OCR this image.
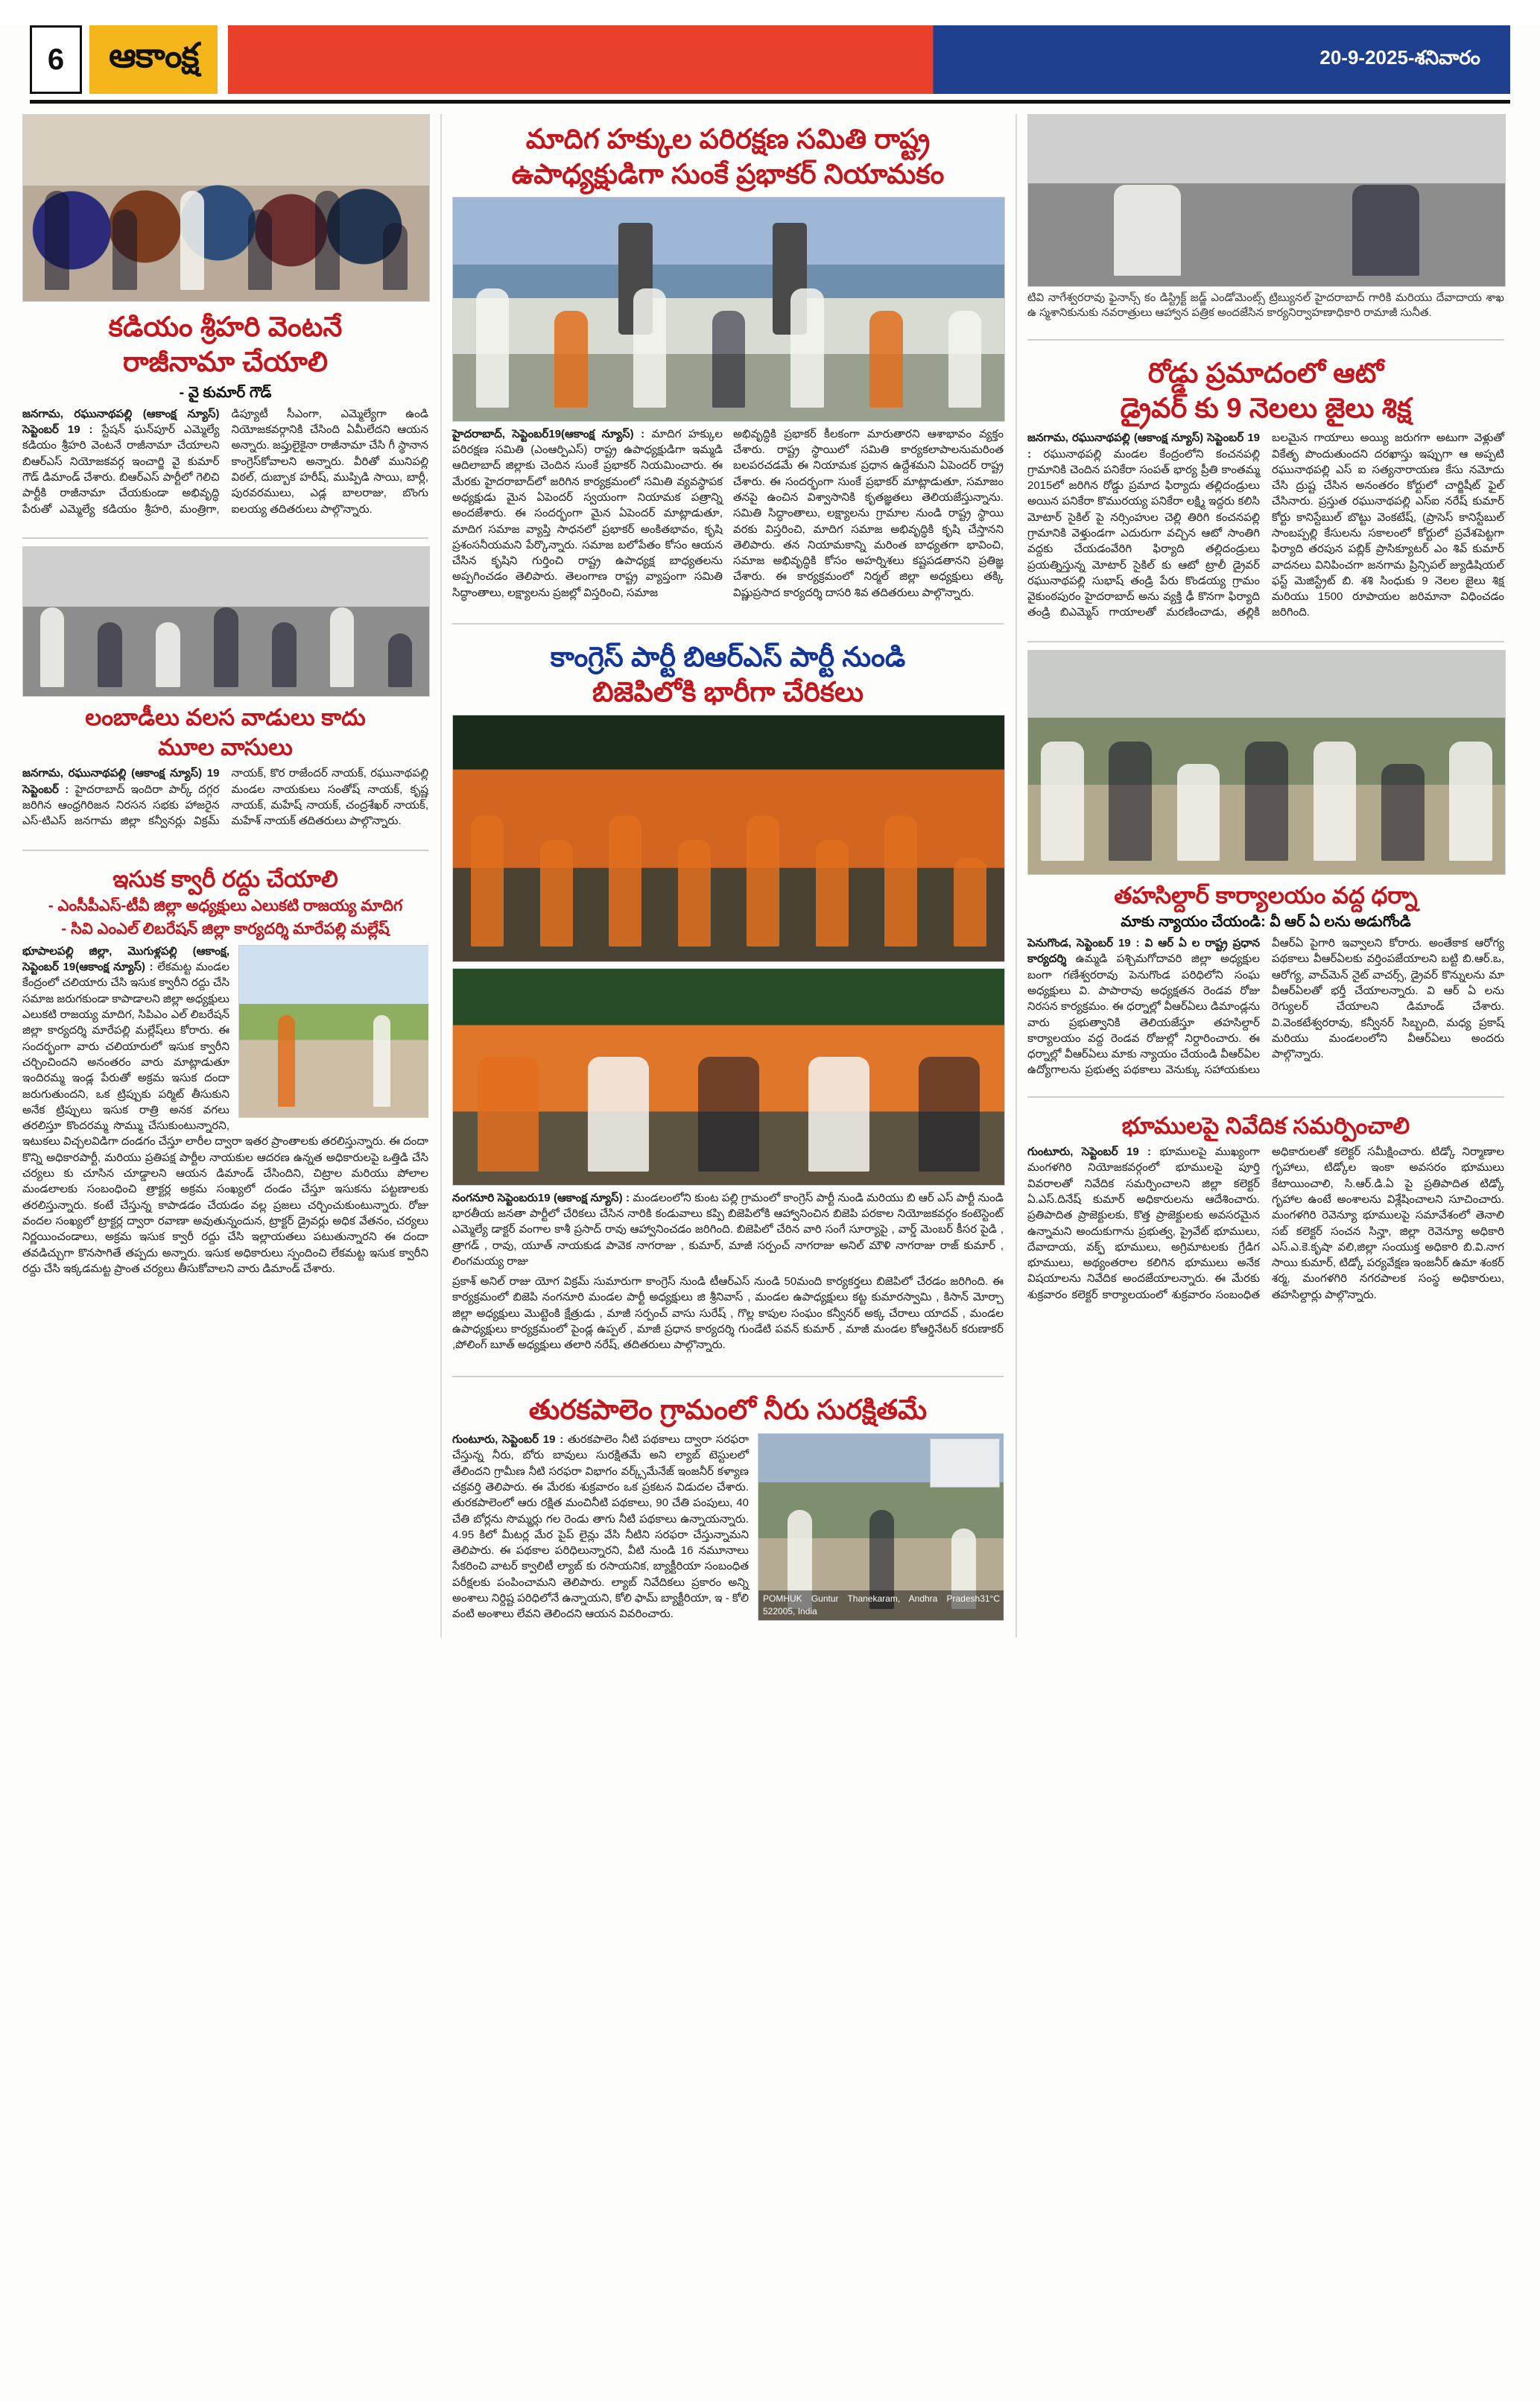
6	ఆకాంక్ష	20-9-2025-శనివారం
కడియం శ్రీహరి వెంటనే
రాజీనామా చేయాలి
- వై కుమార్ గౌడ్

జనగామ, రఘునాథపల్లి (ఆకాంక్ష న్యూస్) సెప్టెంబర్ 19 : స్టేషన్ ఘన్‌పూర్ ఎమ్మెల్యే కడియం శ్రీహరి వెంటనే రాజీనామా చేయాలని బిఆర్ఎస్ నియోజకవర్గ ఇంచార్జి వై కుమార్ గౌడ్ డిమాండ్ చేశారు. బిఆర్ఎస్ పార్టీలో గెలిచి పార్టీకి రాజీనామా చేయకుండా అభివృద్ధి పేరుతో ఎమ్మెల్యే కడియం శ్రీహరి, మంత్రిగా, డిప్యూటీ సీఎంగా, ఎమ్మెల్యేగా ఉండి నియోజకవర్గానికి చేసింది ఏమీలేదని ఆయన అన్నారు. జప్తులైకైనా రాజీనామా చేసి గీ స్థానాన కాంగ్రెస్‌కోవాలని అన్నారు. వీరితో మునిపల్లి విఠల్, దుబ్బాక హరీష్, ముప్పిడి సాయి, బార్లీ, పురవరములు, ఎడ్ల బాలరాజు, బొంగు ఐలయ్య తదితరులు పాల్గొన్నారు.

లంబాడీలు వలస వాడులు కాదు
మూల వాసులు

జనగామ, రఘునాథపల్లి (ఆకాంక్ష న్యూస్) 19 సెప్టెంబర్ : హైదరాబాద్ ఇందిరా పార్క్ దగ్గర జరిగిన ఆంధ్రగిరిజన నిరసన సభకు హాజరైన ఎస్-టిఎస్ జనగామ జిల్లా కన్వీనర్లు విక్రమ్ నాయక్, కొర రాజేందర్ నాయక్, రఘునాథపల్లి మండల నాయకులు సంతోష్ నాయక్, కృష్ణ నాయక్, మహేష్ నాయక్, చంద్రశేఖర్ నాయక్, మహేశ్ నాయక్ తదితరులు పాల్గొన్నారు.

ఇసుక క్వారీ రద్దు చేయాలి
- ఎంసీపీఎస్-టీవీ జిల్లా అధ్యక్షులు ఎలుకటి రాజయ్య మాదిగ
- సివి ఎంఎల్ లిబరేషన్ జిల్లా కార్యదర్శి మారేపల్లి మల్లేష్

భూపాలపల్లి జిల్లా, మొగుళ్లపల్లి (ఆకాంక్ష, సెప్టెంబర్ 19(ఆకాంక్ష న్యూస్) : లేకమట్ట మండల కేంద్రంలో చలియారు చేసి ఇసుక క్వారీని రద్దు చేసి సమాజ జరుగకుండా కాపాడాలని జిల్లా అధ్యక్షులు ఎలుకటి రాజయ్య మాదిగ, సిపిఎం ఎల్ లిబరేషన్ జిల్లా కార్యదర్శి మారేపల్లి మల్లేష్‌లు కోరారు. ఈ సందర్భంగా వారు చలియారులో ఇసుక క్వారీని చర్చించిందని అనంతరం వారు మాట్లాడుతూ ఇందిరమ్మ ఇండ్ల పేరుతో అక్రమ ఇసుక దందా జరుగుతుందని, ఒక ట్రిప్పుకు పర్మిట్ తీసుకుని అనేక ట్రిప్పులు ఇసుక రాత్రి అనక వగలు తరలిస్తూ కొందరమ్మ సొమ్ము చేసుకుంటున్నారని, ఇటుకలు విచ్చలవిడిగా దండగం చేస్తూ లారీల ద్వారా ఇతర ప్రాంతాలకు తరలిస్తున్నారు. ఈ దందా కొన్ని అధికారపార్టీ, మరియు ప్రతిపక్ష పార్టీల నాయకుల ఆదరణ ఉన్నత అధికారులపై ఒత్తిడి చేసి చర్యలు కు చూసిన చూడ్డాలని ఆయన డిమాండ్ చేసిందిని, చిట్రాల మరియు పోలాల మండలాలకు సంబంధించి త్రాక్టర్ల అక్రమ సంఖ్యలో దండం చేస్తూ ఇసుకను పట్టణాలకు తరలిస్తున్నారు. కంటే చేస్తున్న కాపాడడం చేయడం వల్ల ప్రజలు చర్చించుకుంటున్నారు. రోజు వందల సంఖ్యలో ట్రాక్టర్ల ద్వారా రవాణా అవుతున్నందున, ట్రాక్టర్ డ్రైవర్లు అధిక వేతనం, చర్యలు నిర్ణయించండాలు, అక్రమ ఇసుక క్వారీ రద్దు చేసి ఇల్లాయతలు పటుతున్నారని ఈ దందా తవడిచ్చుగా కొనసాగితే తప్పదు అన్నారు. ఇసుక అధికారులు స్పందించి లేకమట్ట ఇసుక క్వారీని రద్దు చేసి ఇక్కడమట్ట ప్రాంత చర్యలు తీసుకోవాలని వారు డిమాండ్ చేశారు.

మాదిగ హక్కుల పరిరక్షణ సమితి రాష్ట్ర
ఉపాధ్యక్షుడిగా సుంకే ప్రభాకర్ నియామకం

హైదరాబాద్, సెప్టెంబర్19(ఆకాంక్ష న్యూస్) : మాదిగ హక్కుల పరిరక్షణ సమితి (ఎంఆర్పిఎస్) రాష్ట్ర ఉపాధ్యక్షుడిగా ఇమ్మడి ఆదిలాబాద్ జిల్లాకు చెందిన సుంకే ప్రభాకర్ నియమించారు. ఈ మేరకు హైదరాబాద్‌లో జరిగిన కార్యక్రమంలో సమితి వ్యవస్థాపక అధ్యక్షుడు మైన ఏపెందర్ స్వయంగా నియామక పత్రాన్ని అందజేశారు. ఈ సందర్భంగా మైన ఏపెందర్ మాట్లాడుతూ, మాదిగ సమాజ వ్యాప్తి సాధనలో ప్రభాకర్ అంకితభావం, కృషి ప్రశంసనీయమని పేర్కొన్నారు. సమాజ బలోపేతం కోసం ఆయన చేసిన కృషిని గుర్తించి రాష్ట్ర ఉపాధ్యక్ష బాధ్యతలను అప్పగించడం తెలిపారు. తెలంగాణ రాష్ట్ర వ్యాప్తంగా సమితి సిద్ధాంతాలు, లక్ష్యాలను ప్రజల్లో విస్తరించి, సమాజ

అభివృద్ధికి ప్రభాకర్ కీలకంగా మారుతారని ఆశాభావం వ్యక్తం చేశారు. రాష్ట్ర స్థాయిలో సమితి కార్యకలాపాలనుమరింత బలపరచడమే ఈ నియామక ప్రధాన ఉద్దేశమని ఏపెందర్ రాష్ట్ర చేశారు. ఈ సందర్భంగా సుంకే ప్రభాకర్ మాట్లాడుతూ, సమాజం తనపై ఉంచిన విశ్వాసానికి కృతజ్ఞతలు తెలియజేస్తున్నాను. సమితి సిద్ధాంతాలు, లక్ష్యాలను గ్రామాల నుండి రాష్ట్ర స్థాయి వరకు విస్తరించి, మాదిగ సమాజ అభివృద్ధికి కృషి చేస్తానని తెలిపారు. తన నియామకాన్ని మరింత బాధ్యతగా భావించి, సమాజ అభివృద్ధికి కోసం అహర్నిశలు కష్టపడతానని ప్రతిజ్ఞ చేశారు. ఈ కార్యక్రమంలో నిర్మల్ జిల్లా అధ్యక్షులు తక్కి విష్ణుప్రసాద కార్యదర్శి దాసరి శివ తదితరులు పాల్గొన్నారు.

కాంగ్రెస్ పార్టీ బిఆర్ఎస్ పార్టీ నుండి
బిజెపిలోకి భారీగా చేరికలు

నంగనూరి సెప్టెంబరు19 (ఆకాంక్ష న్యూస్) : మండలంలోని కుంట పల్లి గ్రామంలో కాంగ్రెస్ పార్టీ నుండి మరియు బి ఆర్ ఎస్ పార్టీ నుండి భారతీయ జనతా పార్టీలో చేరికలు చేసిన నారికి కండువాలు కప్పి బిజెపిలోకి ఆహ్వానించిన బిజెపి పరకాల నియోజకవర్గం కంటెస్టెంట్ ఎమ్మెల్యే డాక్టర్ వంగాల కాశీ ప్రసాద్ రావు ఆహ్వానించడం జరిగింది. బిజెపిలో చేరిన వారి సంగే సూర్యాపై , వార్డ్ మెంబర్ కీసర పైడి , త్రాగడ్ , రావు, యూత్ నాయకుడ పావెక నాగరాజు , కుమార్, మాజీ సర్పంచ్ నాగరాజు అనిల్ మౌళి నాగరాజు రాజ్ కుమార్ , లింగమయ్య రాజు

ప్రకాశ్ అనిల్ రాజు యోగ విక్రమ్ సుమారుగా కాంగ్రెస్ నుండి టీఆర్ఎస్ నుండి 50మంది కార్యకర్తలు బిజెపిలో చేరడం జరిగింది. ఈ కార్యక్రమంలో బిజెపి నంగనూరి మండల పార్టీ అధ్యక్షులు జి శ్రీనివాస్ , మండల ఉపాధ్యక్షులు కట్ట కుమారస్వామి , కిసాన్ మోర్చా జిల్లా అధ్యక్షులు మొట్టెంకి క్షేత్రుడు , మాజీ సర్పంచ్ వాసు సురేష్ , గొల్ల కాపుల సంఘం కన్వీనర్ అక్క చేరాలు యాదవ్ , మండల ఉపాధ్యక్షులు కార్యక్రమంలో పైండ్ల ఉప్పల్ , మాజీ ప్రధాన కార్యదర్శి గుండేటి పవన్ కుమార్ , మాజీ మండల కోఆర్డినేటర్ కరుణాకర్ ,పోలింగ్ బూత్ అధ్యక్షులు తలారి నరేష్, తదితరులు పాల్గొన్నారు.

తురకపాలెం గ్రామంలో నీరు సురక్షితమే
POMHUK Guntur Thanekaram, Andhra Pradesh 522005, India
31°C

గుంటూరు, సెప్టెంబర్ 19 : తురకపాలెం నీటి పథకాలు ద్వారా సరఫరా చేస్తున్న నీరు, బోరు బావులు సురక్షితమే అని ల్యాబ్ టెస్టులలో తేలిందని గ్రామీణ నీటి సరఫరా విభాగం వర్క్స్‌మేనేజ్ ఇంజనీర్ కళ్యాణ చక్రవర్తి తెలిపారు. ఈ మేరకు శుక్రవారం ఒక ప్రకటన విడుదల చేశారు. తురకపాలెంలో ఆరు రక్షిత మంచినీటి పథకాలు, 90 చేతి పంపులు, 40 చేతి బోర్లను సొమ్మర్లు గల రెండు తాగు నీటి పథకాలు ఉన్నాయన్నారు. 4.95 కిలో మీటర్ల మేర పైప్ లైన్లు వేసి నీటిని సరఫరా చేస్తున్నామని తెలిపారు. ఈ పథకాల పరిధిలున్నారని, వీటి నుండి 16 నమూనాలు సేకరించి వాటర్ క్వాలిటీ ల్యాబ్ కు రసాయనిక, బ్యాక్టీరియా సంబంధిత పరీక్షలకు పంపించామని తెలిపారు. ల్యాబ్ నివేదికలు ప్రకారం అన్ని అంశాలు నిర్దిష్ట పరిధిలోనే ఉన్నాయని, కోలి ఫామ్ బ్యాక్టీరియా, ఇ - కోలి వంటి అంశాలు లేవని తెలిందని ఆయన వివరించారు.

టివి నాగేశ్వరరావు ఫైనాన్స్ కం డిస్ట్రిక్ట్ జడ్జ్ ఎండోమెంట్స్ ట్రిబ్యునల్ హైదరాబాద్ గారికి మరియు దేవాదాయ శాఖ ఉ స్మశానికునుకు నవరాత్రులు ఆహ్వాన పత్రిక అందజేసిన కార్యనిర్వాహణాధికారి రామాజీ సునీత.
రోడ్డు ప్రమాదంలో ఆటో
డ్రైవర్ కు 9 నెలలు జైలు శిక్ష

జనగామ, రఘునాథపల్లి (ఆకాంక్ష న్యూస్) సెప్టెంబర్ 19 : రఘునాథపల్లి మండల కేంద్రంలోని కంచనపల్లి గ్రామానికి చెందిన పనికేరా సంపత్ భార్య ప్రీతి కాంతమ్మ 2015లో జరిగిన రోడ్డు ప్రమాద ఫిర్యాదు తల్లిదండ్రులు అయిన పనికేరా కొమురయ్య పనికేరా లక్ష్మి ఇద్దరు కలిసి మోటార్ సైకిల్ పై నర్సింహుల చెల్లి తిరిగి కంచనపల్లి గ్రామానికి వెళ్తుండగా ఎదురుగా వచ్చిన ఆటో సాంతిగి వద్దకు చేయడంవేరిగి ఫిర్యాది తల్లిదండ్రులు ప్రయత్నిస్తున్న మోటార్ సైకిల్ కు ఆటో ట్రాలీ డ్రైవర్ రఘునాథపల్లి సుభాష్ తండ్రి పేరు కొండయ్య గ్రామం వైకుంఠపురం హైదరాబాద్ అను వ్యక్తి ఢీ కొనగా ఫిర్యాది తండ్రి బిఎమ్మెస్ గాయాలతో మరణించాడు, తల్లికి బలమైన గాయాలు అయ్యి జరుగగా అటుగా వెళ్లుతో వికేతృ పొందుతుందని దరఖాస్తు ఇప్పుగా ఆ అప్పటి రఘునాథపల్లి ఎస్ ఐ సత్యనారాయణ కేసు నమోదు చేసి ద్రుష్ట చేసిన అనంతరం కోర్టులో చార్జిషీట్ ఫైల్ చేసినారు. ప్రస్తుత రఘునాథపల్లి ఎస్ఐ నరేష్ కుమార్ కోర్టు కానిస్టేబుల్ బొట్టు వెంకటేష్, (ప్రాసెస్ కానిస్టేబుల్ సాంబప్పల్లి కేసులను సకాలంలో కోర్టులో ప్రవేశపెట్టగా ఫిర్యాది తరపున పబ్లిక్ ప్రాసిక్యూటర్ ఎం శివ్ కుమార్ వాదనలు వినిపించగా జనగామ ప్రిన్సిపల్ జ్యుడిషియల్ ఫస్ట్ మెజిస్ట్రేట్ బి. శశి సింధుకు 9 నెలల జైలు శిక్ష మరియు 1500 రూపాయల జరిమానా విధించడం జరిగింది.

తహసిల్దార్ కార్యాలయం వద్ద ధర్నా
మాకు న్యాయం చేయండి: వీ ఆర్ ఏ లను అడుగోండి

పెనుగొండ, సెప్టెంబర్ 19 : వి ఆర్ ఏ ల రాష్ట్ర ప్రధాన కార్యదర్శి ఉమ్మడి పశ్చిమగోదావరి జిల్లా అధ్యక్షుల బంగా గణేశ్వరరావు పెనుగొండ పరిధిలోని సంఘ అధ్యక్షులు వి. పాపారావు అధ్యక్షతన రెండవ రోజు నిరసన కార్యక్రమం. ఈ ధర్నాల్లో వీఆర్ఏలు డిమాండ్లను వారు ప్రభుత్వానికి తెలియజేస్తూ తహసిల్దార్ కార్యాలయం వద్ద రెండవ రోజుల్లో నిర్దారించారు. ఈ ధర్నాల్లో వీఆర్ఏలు మాకు న్యాయం చేయండి వీఆర్ఏల ఉద్యోగాలను ప్రభుత్వ పథకాలు వెనుక్కు సహాయకులు వీఆర్ఏ పైగారి ఇవ్వాలని కోరారు. అంతేకాక ఆరోగ్య పథకాలు వీఆర్ఏలకు వర్తింపజేయాలని బట్టి బి.ఆర్.ఒ, ఆరోగ్య, వాచ్‌మెన్ నైట్ వాచర్స్, డ్రైవర్ కొన్నులను మా వీఆర్ఏలతో భర్తీ చేయాలన్నారు. వి ఆర్ ఏ లను రెగ్యులర్ చేయాలని డిమాండ్ చేశారు. వి.వెంకటేశ్వరరావు, కన్వీనర్ సిబ్బంది, మధ్య ప్రకాష్ మరియు మండలంలోని వీఆర్ఏలు అందరు పాల్గొన్నారు.

భూములపై నివేదిక సమర్పించాలి

గుంటూరు, సెప్టెంబర్ 19 : భూములపై ముఖ్యంగా మంగళగిరి నియోజకవర్గంలో భూములపై పూర్తి వివరాలతో నివేదిక సమర్పించాలని జిల్లా కలెక్టర్ ఏ.ఎస్.దినేష్ కుమార్ అధికారులను ఆదేశించారు. ప్రతిపాదిత ప్రాజెక్టులకు, కొత్త ప్రాజెక్టులకు అవసరమైన ఉన్నామని అందుకుగాను ప్రభుత్వ, ప్రైవేట్ భూములు, దేవాదాయ, వక్ఫ్ భూములు, అగ్రిమాటలకు గ్రేడిగ భూములు, అథ్యంతరాల కలిగిన భూములు అనేక విషయాలను నివేదిక అందజేయాలన్నారు. ఈ మేరకు శుక్రవారం కలెక్టర్ కార్యాలయంలో శుక్రవారం సంబంధిత అధికారులతో కలెక్టర్ సమీక్షించారు. టిడ్కో నిర్మాణాల గృహాలు, టిడ్కోల ఇంకా అవసరం భూములు కేటాయించాలి, సి.ఆర్.డి.ఏ పై ప్రతిపాదిత టిడ్కో గృహాల ఉంటే అంశాలను విశ్లేషించాలని సూచించారు. మంగళగిరి రెవెన్యూ భూములపై సమావేశంలో తెనాలి సబ్ కలెక్టర్ సంచన సిన్హా, జిల్లా రెవెన్యూ అధికారి ఎస్.ఎ.కె.కృషా వలి,జిల్లా సంయుక్త అధికారి బి.వి.నాగ సాయి కుమార్, టిడ్కో పర్యవేక్షణ ఇంజనీర్ ఉమా శంకర్ శర్మ, మంగళగిరి నగరపాలక సంస్థ అధికారులు, తహసిల్దార్లు పాల్గొన్నారు.
